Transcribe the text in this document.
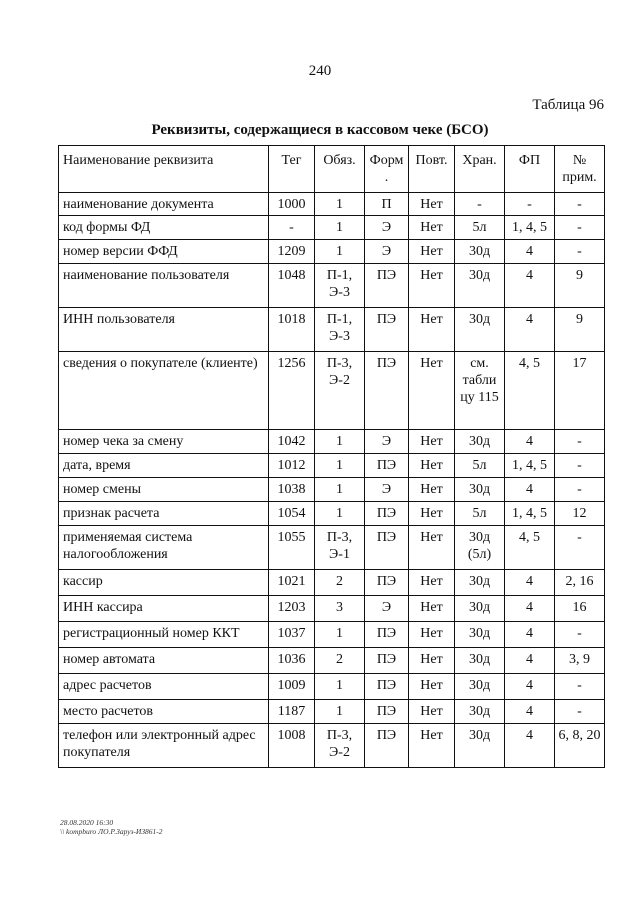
240
Таблица 96
Реквизиты, содержащиеся в кассовом чеке (БСО)
Наименование реквизита	Тег	Обяз.	Форм .	Повт.	Хран.	ФП	№ прим.
наименование документа	1000	1	П	Нет	-	-	-
код формы ФД	-	1	Э	Нет	5л	1, 4, 5	-
номер версии ФФД	1209	1	Э	Нет	30д	4	-
наименование пользователя	1048	П-1, Э-3	ПЭ	Нет	30д	4	9
ИНН пользователя	1018	П-1, Э-3	ПЭ	Нет	30д	4	9
сведения о покупателе (клиенте)	1256	П-3, Э-2	ПЭ	Нет	см. табли цу 115	4, 5	17
номер чека за смену	1042	1	Э	Нет	30д	4	-
дата, время	1012	1	ПЭ	Нет	5л	1, 4, 5	-
номер смены	1038	1	Э	Нет	30д	4	-
признак расчета	1054	1	ПЭ	Нет	5л	1, 4, 5	12
применяемая система налогообложения	1055	П-3, Э-1	ПЭ	Нет	30д (5л)	4, 5	-
кассир	1021	2	ПЭ	Нет	30д	4	2, 16
ИНН кассира	1203	3	Э	Нет	30д	4	16
регистрационный номер ККТ	1037	1	ПЭ	Нет	30д	4	-
номер автомата	1036	2	ПЭ	Нет	30д	4	3, 9
адрес расчетов	1009	1	ПЭ	Нет	30д	4	-
место расчетов	1187	1	ПЭ	Нет	30д	4	-
телефон или электронный адрес покупателя	1008	П-3, Э-2	ПЭ	Нет	30д	4	6, 8, 20
28.08.2020 16:30
\\ kompburo ЛО.Р.Заруз-ИЗ861-2
